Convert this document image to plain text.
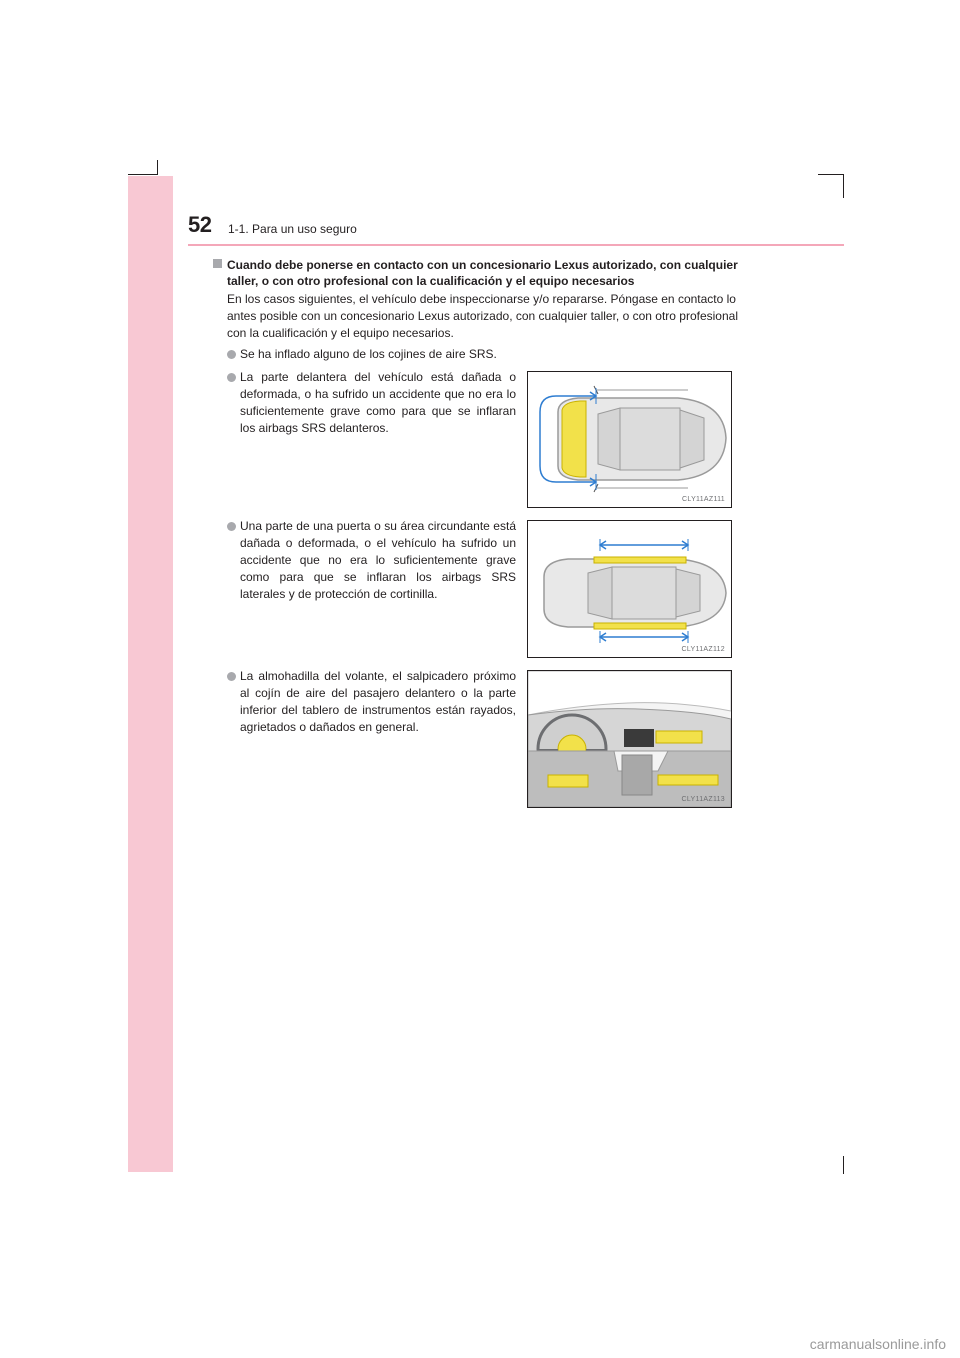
52 1-1. Para un uso seguro
Cuando debe ponerse en contacto con un concesionario Lexus autorizado, con cualquier taller, o con otro profesional con la cualificación y el equipo necesarios
En los casos siguientes, el vehículo debe inspeccionarse y/o repararse. Póngase en contacto lo antes posible con un concesionario Lexus autorizado, con cualquier taller, o con otro profesional con la cualificación y el equipo necesarios.
Se ha inflado alguno de los cojines de aire SRS.
La parte delantera del vehículo está dañada o deformada, o ha sufrido un accidente que no era lo suficientemente grave como para que se inflaran los airbags SRS delanteros.
Una parte de una puerta o su área circundante está dañada o deformada, o el vehículo ha sufrido un accidente que no era lo suficientemente grave como para que se inflaran los airbags SRS laterales y de protección de cortinilla.
La almohadilla del volante, el salpicadero próximo al cojín de aire del pasajero delantero o la parte inferior del tablero de instrumentos están rayados, agrietados o dañados en general.
CLY11AZ111
CLY11AZ112
CLY11AZ113
carmanualsonline.info
